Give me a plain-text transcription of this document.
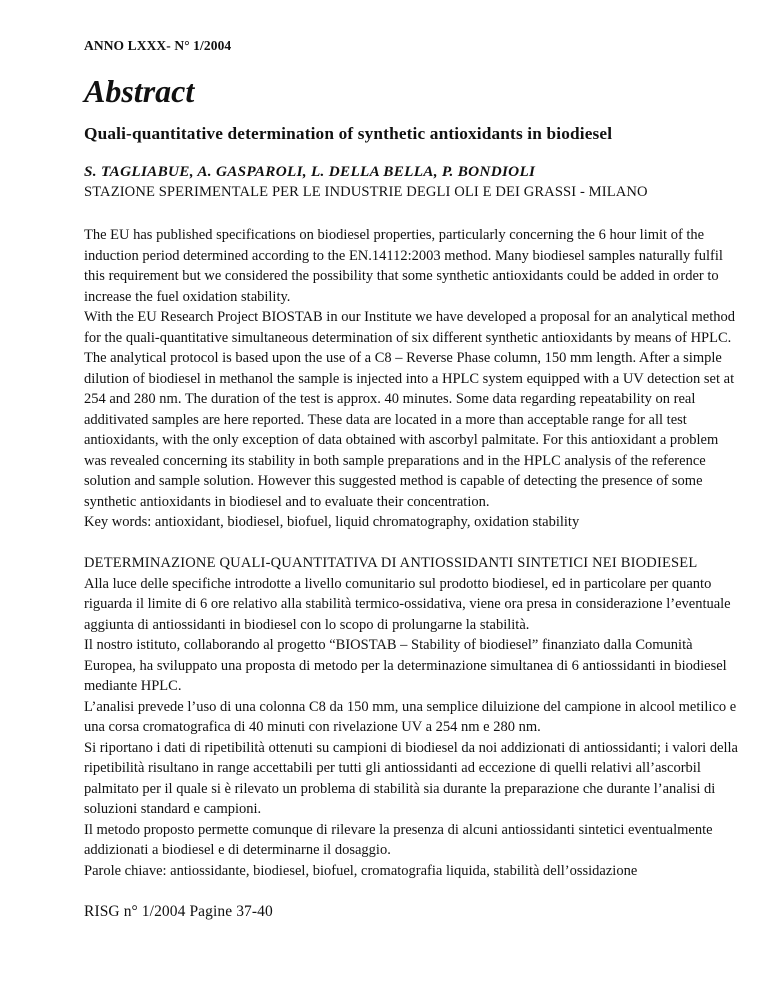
ANNO LXXX- N° 1/2004
Abstract
Quali-quantitative determination of synthetic antioxidants in biodiesel
S. TAGLIABUE, A. GASPAROLI, L. DELLA BELLA, P. BONDIOLI
STAZIONE SPERIMENTALE PER LE INDUSTRIE DEGLI OLI E DEI GRASSI - MILANO

The EU has published specifications on biodiesel properties, particularly concerning the 6 hour limit of the induction period determined according to the EN.14112:2003 method. Many biodiesel samples naturally fulfil this requirement but we considered the possibility that some synthetic antioxidants could be added in order to increase the fuel oxidation stability.

With the EU Research Project BIOSTAB in our Institute we have developed a proposal for an analytical method for the quali-quantitative simultaneous determination of six different synthetic antioxidants by means of HPLC.

The analytical protocol is based upon the use of a C8 – Reverse Phase column, 150 mm length. After a simple dilution of biodiesel in methanol the sample is injected into a HPLC system equipped with a UV detection set at 254 and 280 nm. The duration of the test is approx. 40 minutes. Some data regarding repeatability on real additivated samples are here reported. These data are located in a more than acceptable range for all test antioxidants, with the only exception of data obtained with ascorbyl palmitate. For this antioxidant a problem was revealed concerning its stability in both sample preparations and in the HPLC analysis of the reference solution and sample solution. However this suggested method is capable of detecting the presence of some synthetic antioxidants in biodiesel and to evaluate their concentration.

Key words: antioxidant, biodiesel, biofuel, liquid chromatography, oxidation stability

DETERMINAZIONE QUALI-QUANTITATIVA DI ANTIOSSIDANTI SINTETICI NEI BIODIESEL

Alla luce delle specifiche introdotte a livello comunitario sul prodotto biodiesel, ed in particolare per quanto riguarda il limite di 6 ore relativo alla stabilità termico-ossidativa, viene ora presa in considerazione l’eventuale aggiunta di antiossidanti in biodiesel con lo scopo di prolungarne la stabilità.

Il nostro istituto, collaborando al progetto “BIOSTAB – Stability of biodiesel” finanziato dalla Comunità Europea, ha sviluppato una proposta di metodo per la determinazione simultanea di 6 antiossidanti in biodiesel mediante HPLC.

L’analisi prevede l’uso di una colonna C8 da 150 mm, una semplice diluizione del campione in alcool metilico e una corsa cromatografica di 40 minuti con rivelazione UV a 254 nm e 280 nm.

Si riportano i dati di ripetibilità ottenuti su campioni di biodiesel da noi addizionati di antiossidanti; i valori della ripetibilità risultano in range accettabili per tutti gli antiossidanti ad eccezione di quelli relativi all’ascorbil palmitato per il quale si è rilevato un problema di stabilità sia durante la preparazione che durante l’analisi di soluzioni standard e campioni.

Il metodo proposto permette comunque di rilevare la presenza di alcuni antiossidanti sintetici eventualmente addizionati a biodiesel e di determinarne il dosaggio.

Parole chiave: antiossidante, biodiesel, biofuel, cromatografia liquida, stabilità dell’ossidazione

RISG n° 1/2004 Pagine 37-40
